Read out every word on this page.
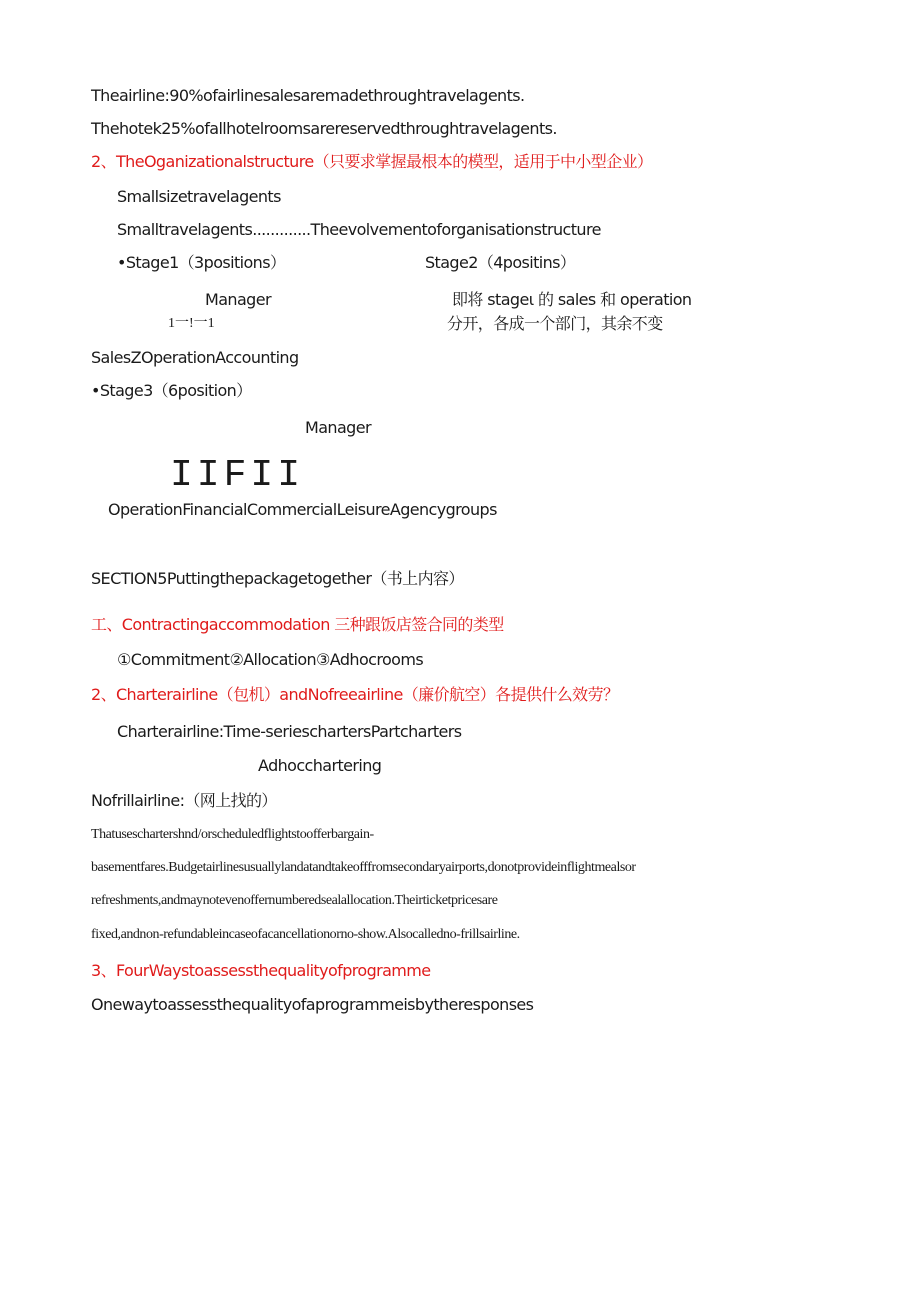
Theairline:90%ofairlinesalesaremadethroughtravelagents.
Thehotek25%ofallhotelroomsarereservedthroughtravelagents.
2、TheOganizationalstructure（只要求掌握最根本的模型，适用于中小型企业）
Smallsizetravelagents
Smalltravelagents.............Theevolvementoforganisationstructure
•Stage1（3positions）	Stage2（4positins）
Manager	即将 stageι 的 sales 和 operation
1一!一1	分开，各成一个部门，其余不变
SalesZOperationAccounting
•Stage3（6position）
Manager
IIFII
OperationFinancialCommercialLeisureAgencygroups
SECTION5Puttingthepackagetogether（书上内容）
工、Contractingaccommodation 三种跟饭店签合同的类型
①Commitment②Allocation③Adhocrooms
2、Charterairline（包机）andNofreeairline（廉价航空）各提供什么效劳？
Charterairline:Time-serieschartersPartcharters
Adhocchartering
Nofrillairline:（网上找的）
Thatuseschartershnd/orscheduledflightstoofferbargain-
basementfares.Budgetairlinesusuallylandatandtakeofffromsecondaryairports,donotprovideinflightmealsor
refreshments,andmaynotevenoffernumberedsealallocation.Theirticketpricesare
fixed,andnon-refundableincaseofacancellationorno-show.Alsocalledno-frillsairline.
3、FourWaystoassessthequalityofprogramme
Onewaytoassessthequalityofaprogrammeisbytheresponses
